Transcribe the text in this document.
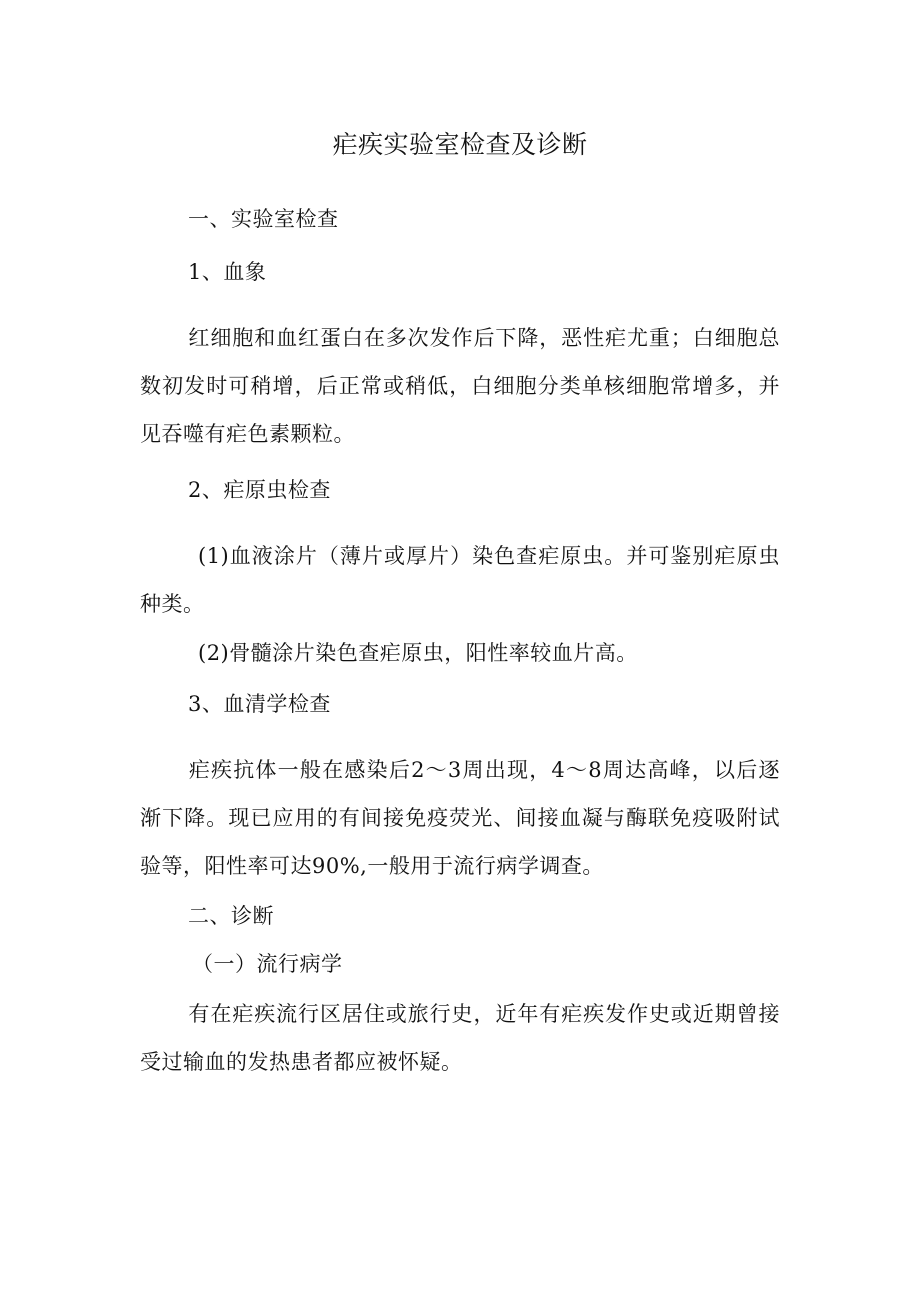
疟疾实验室检查及诊断
一、实验室检查
1、血象
红细胞和血红蛋白在多次发作后下降，恶性疟尤重；白细胞总数初发时可稍增，后正常或稍低，白细胞分类单核细胞常增多，并见吞噬有疟色素颗粒。
2、疟原虫检查
(1)血液涂片（薄片或厚片）染色查疟原虫。并可鉴别疟原虫种类。
(2)骨髓涂片染色查疟原虫，阳性率较血片高。
3、血清学检查
疟疾抗体一般在感染后2～3周出现，4～8周达高峰，以后逐渐下降。现已应用的有间接免疫荧光、间接血凝与酶联免疫吸附试验等，阳性率可达90%,一般用于流行病学调查。
二、诊断
（一）流行病学
有在疟疾流行区居住或旅行史，近年有疟疾发作史或近期曾接受过输血的发热患者都应被怀疑。
